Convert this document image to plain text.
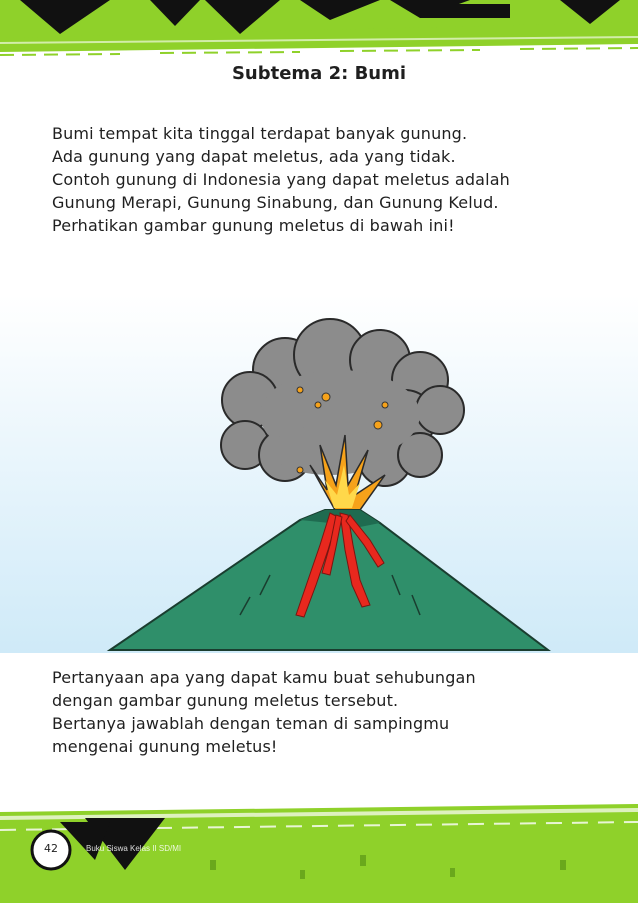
Subtema 2: Bumi

Bumi tempat kita tinggal terdapat banyak gunung.

Ada gunung yang dapat meletus, ada yang tidak.

Contoh gunung di Indonesia yang dapat meletus adalah

Gunung Merapi, Gunung Sinabung, dan Gunung Kelud.

Perhatikan gambar gunung meletus di bawah ini!

Pertanyaan apa yang dapat kamu buat sehubungan

dengan gambar gunung meletus tersebut.

Bertanya jawablah dengan teman di sampingmu

mengenai gunung meletus!

42	Buku Siswa Kelas II SD/MI
